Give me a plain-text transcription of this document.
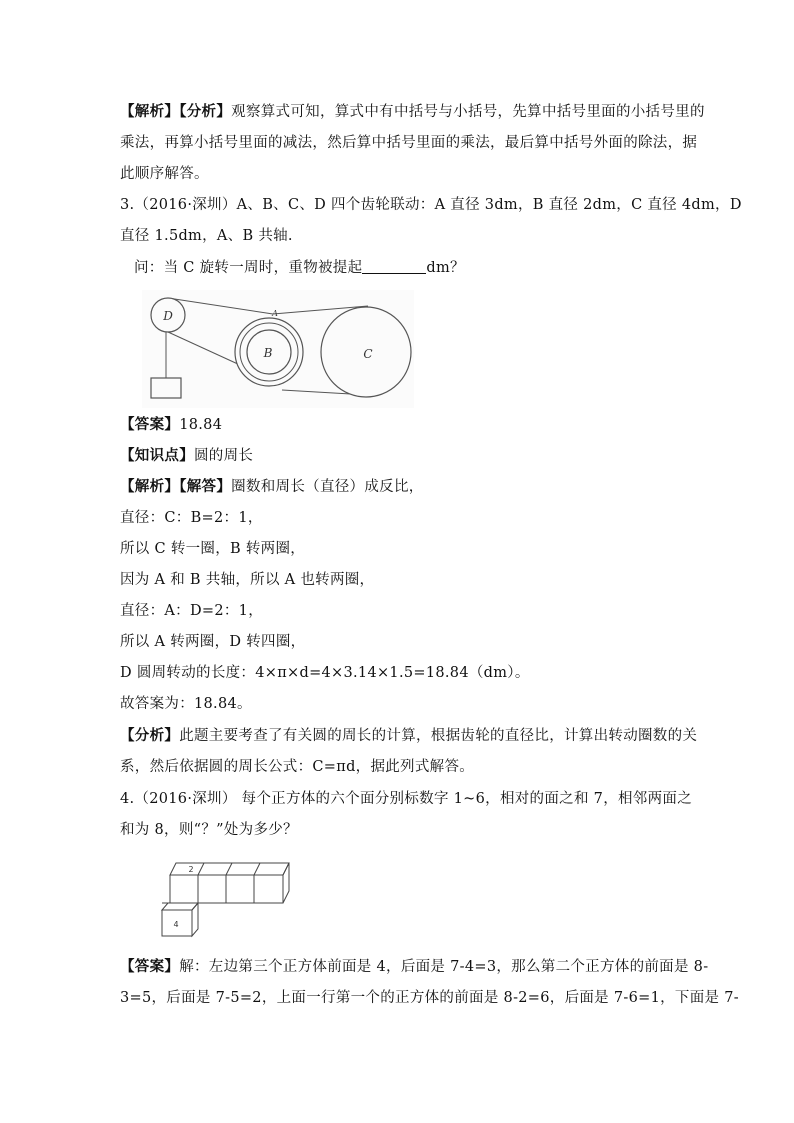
【解析】【分析】观察算式可知，算式中有中括号与小括号，先算中括号里面的小括号里的
乘法，再算小括号里面的减法，然后算中括号里面的乘法，最后算中括号外面的除法，据
此顺序解答。
3.（2016·深圳）A、B、C、D 四个齿轮联动：A 直径 3dm，B 直径 2dm，C 直径 4dm，D
直径 1.5dm，A、B 共轴.
问：当 C 旋转一周时，重物被提起	dm？
D	A
B	C
【答案】18.84
【知识点】圆的周长
【解析】【解答】圈数和周长（直径）成反比，
直径：C：B=2：1，
所以 C 转一圈，B 转两圈，
因为 A 和 B 共轴，所以 A 也转两圈，
直径：A：D=2：1，
所以 A 转两圈，D 转四圈，
D 圆周转动的长度：4×π×d=4×3.14×1.5=18.84（dm）。
故答案为：18.84。
【分析】此题主要考查了有关圆的周长的计算，根据齿轮的直径比，计算出转动圈数的关
系，然后依据圆的周长公式：C=πd，据此列式解答。
4.（2016·深圳） 每个正方体的六个面分别标数字 1~6，相对的面之和 7，相邻两面之
和为 8，则“？”处为多少？
2
4
【答案】解：左边第三个正方体前面是 4，后面是 7-4=3，那么第二个正方体的前面是 8-
3=5，后面是 7-5=2，上面一行第一个的正方体的前面是 8-2=6，后面是 7-6=1，下面是 7-
